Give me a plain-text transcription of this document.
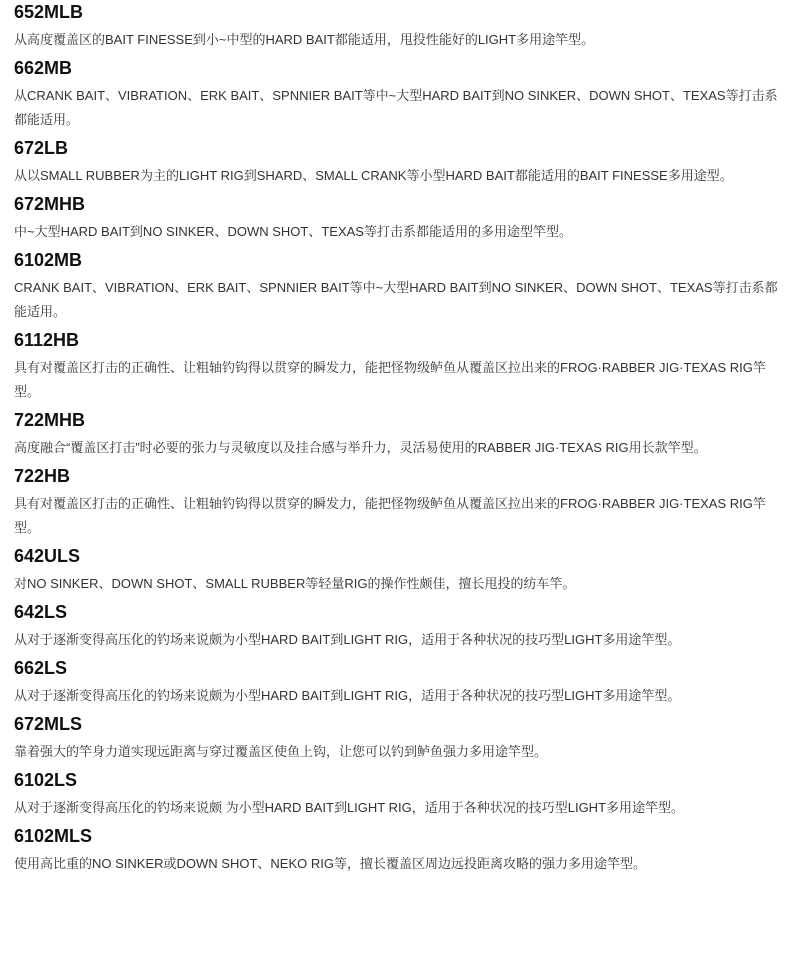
652MLB

从高度覆盖区的BAIT FINESSE到小~中型的HARD BAIT都能适用，甩投性能好的LIGHT多用途竿型。

662MB

从CRANK BAIT、VIBRATION、ERK BAIT、SPNNIER BAIT等中~大型HARD BAIT到NO SINKER、DOWN SHOT、TEXAS等打击系都能适用。

672LB

从以SMALL RUBBER为主的LIGHT RIG到SHARD、SMALL CRANK等小型HARD BAIT都能适用的BAIT FINESSE多用途型。

672MHB

中~大型HARD BAIT到NO SINKER、DOWN SHOT、TEXAS等打击系都能适用的多用途型竿型。

6102MB

CRANK BAIT、VIBRATION、ERK BAIT、SPNNIER BAIT等中~大型HARD BAIT到NO SINKER、DOWN SHOT、TEXAS等打击系都能适用。

6112HB

具有对覆盖区打击的正确性、让粗轴钓钩得以贯穿的瞬发力，能把怪物级鲈鱼从覆盖区拉出来的FROG·RABBER JIG·TEXAS RIG竿型。

722MHB

高度融合“覆盖区打击”时必要的张力与灵敏度以及挂合感与举升力，灵活易使用的RABBER JIG·TEXAS RIG用长款竿型。

722HB

具有对覆盖区打击的正确性、让粗轴钓钩得以贯穿的瞬发力，能把怪物级鲈鱼从覆盖区拉出来的FROG·RABBER JIG·TEXAS RIG竿型。

642ULS

对NO SINKER、DOWN SHOT、SMALL RUBBER等轻量RIG的操作性颇佳，擅长甩投的纺车竿。

642LS

从对于逐渐变得高压化的钓场来说颇为小型HARD BAIT到LIGHT RIG，适用于各种状况的技巧型LIGHT多用途竿型。

662LS

从对于逐渐变得高压化的钓场来说颇为小型HARD BAIT到LIGHT RIG，适用于各种状况的技巧型LIGHT多用途竿型。

672MLS

靠着强大的竿身力道实现远距离与穿过覆盖区使鱼上钩，让您可以钓到鲈鱼强力多用途竿型。

6102LS

从对于逐渐变得高压化的钓场来说颇 为小型HARD BAIT到LIGHT RIG，适用于各种状况的技巧型LIGHT多用途竿型。

6102MLS

使用高比重的NO SINKER或DOWN SHOT、NEKO RIG等，擅长覆盖区周边远投距离攻略的强力多用途竿型。
